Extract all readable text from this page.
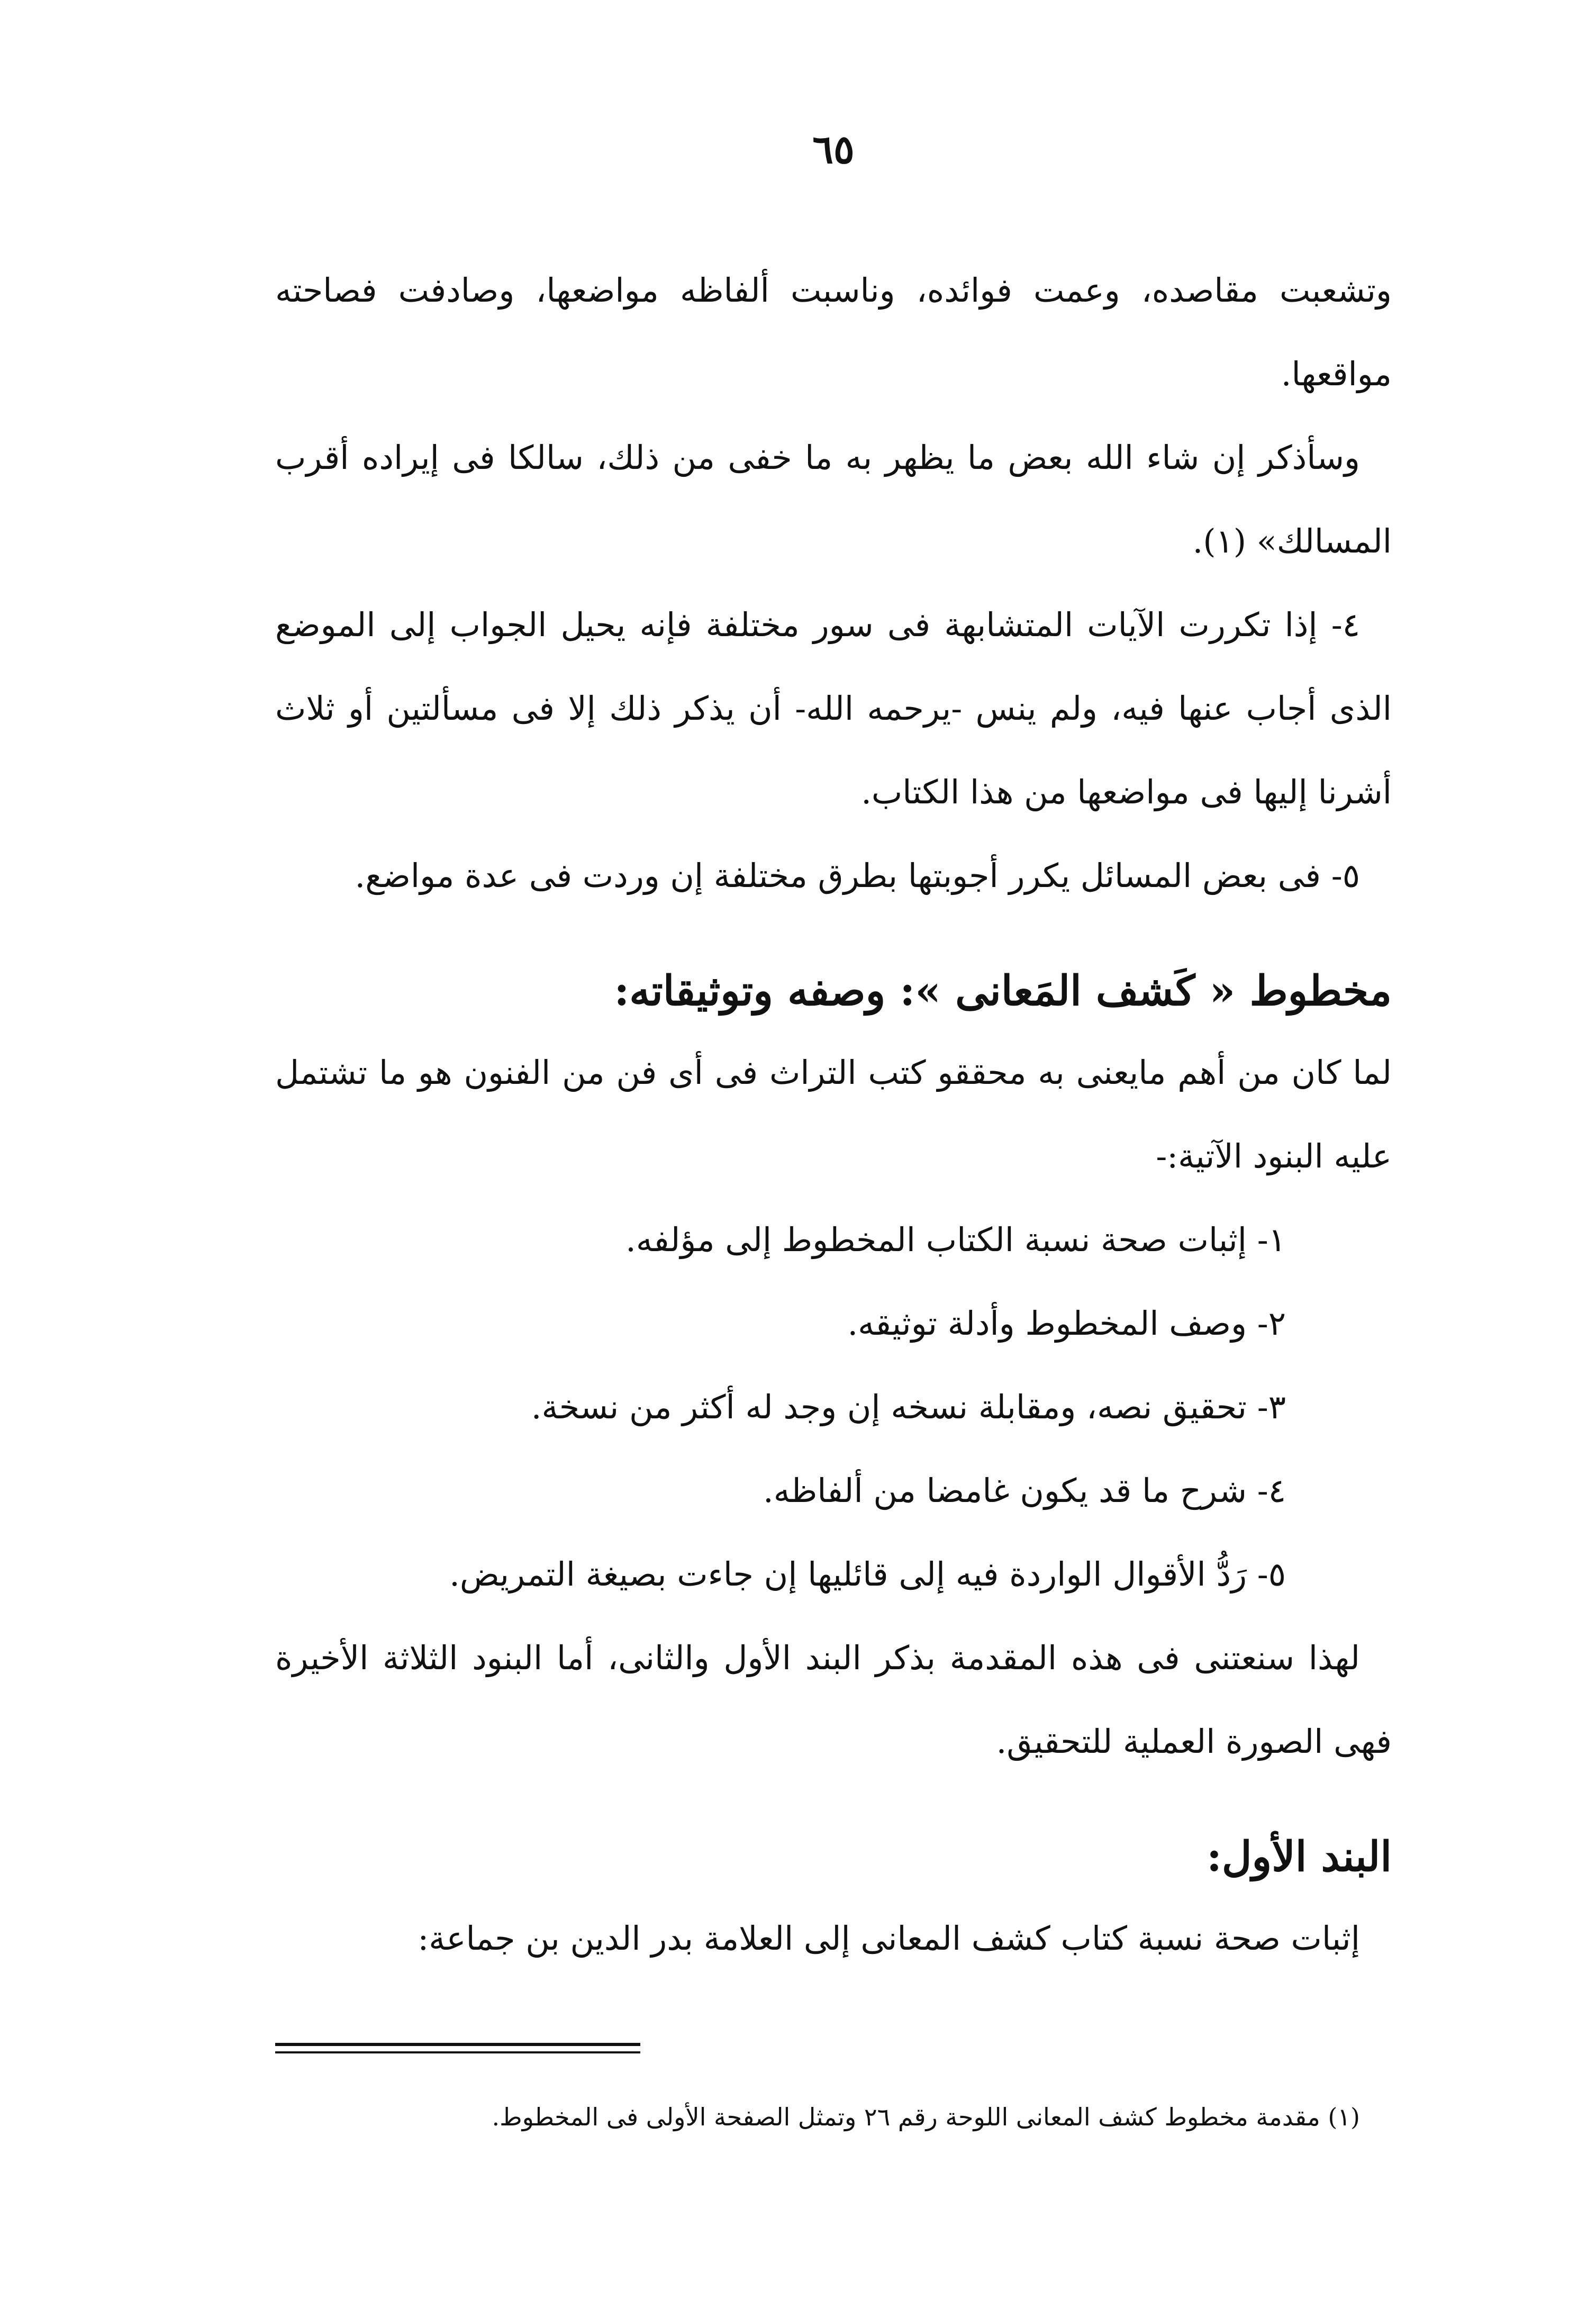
٦٥

وتشعبت مقاصده، وعمت فوائده، وناسبت ألفاظه مواضعها، وصادفت فصاحته مواقعها.

وسأذكر إن شاء الله بعض ما يظهر به ما خفى من ذلك، سالكا فى إيراده أقرب المسالك» (١).

٤- إذا تكررت الآيات المتشابهة فى سور مختلفة فإنه يحيل الجواب إلى الموضع الذى أجاب عنها فيه، ولم ينس -يرحمه الله- أن يذكر ذلك إلا فى مسألتين أو ثلاث أشرنا إليها فى مواضعها من هذا الكتاب.

٥- فى بعض المسائل يكرر أجوبتها بطرق مختلفة إن وردت فى عدة مواضع.

مخطوط « كَشف المَعانى »: وصفه وتوثيقاته:

لما كان من أهم مايعنى به محققو كتب التراث فى أى فن من الفنون هو ما تشتمل عليه البنود الآتية:-

١- إثبات صحة نسبة الكتاب المخطوط إلى مؤلفه.

٢- وصف المخطوط وأدلة توثيقه.

٣- تحقيق نصه، ومقابلة نسخه إن وجد له أكثر من نسخة.

٤- شرح ما قد يكون غامضا من ألفاظه.

٥- رَدُّ الأقوال الواردة فيه إلى قائليها إن جاءت بصيغة التمريض.

لهذا سنعتنى فى هذه المقدمة بذكر البند الأول والثانى، أما البنود الثلاثة الأخيرة فهى الصورة العملية للتحقيق.

البند الأول:

إثبات صحة نسبة كتاب كشف المعانى إلى العلامة بدر الدين بن جماعة:

(١) مقدمة مخطوط كشف المعانى اللوحة رقم ٢٦ وتمثل الصفحة الأولى فى المخطوط.
